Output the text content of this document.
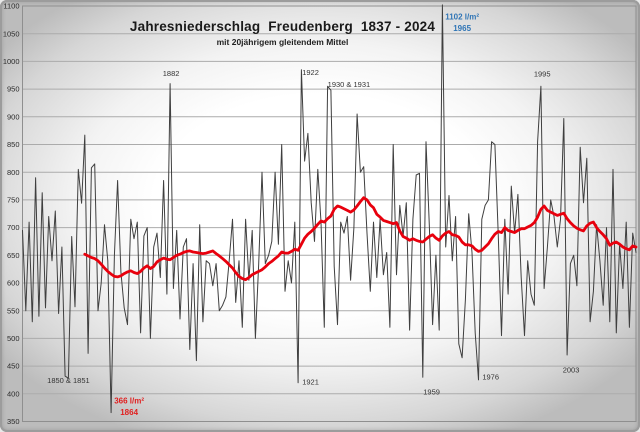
350
400
450
500
550
600
650
700
750
800
850
900
950
1000
1050
1100
1882	1922
1930 & 1931
1102 l/m² 1965
1995
1850 & 1851
366 l/m² 1864
1921
1959
1976
2003
Jahresniederschlag  Freudenberg  1837 - 2024
mit 20jährigem gleitendem Mittel
